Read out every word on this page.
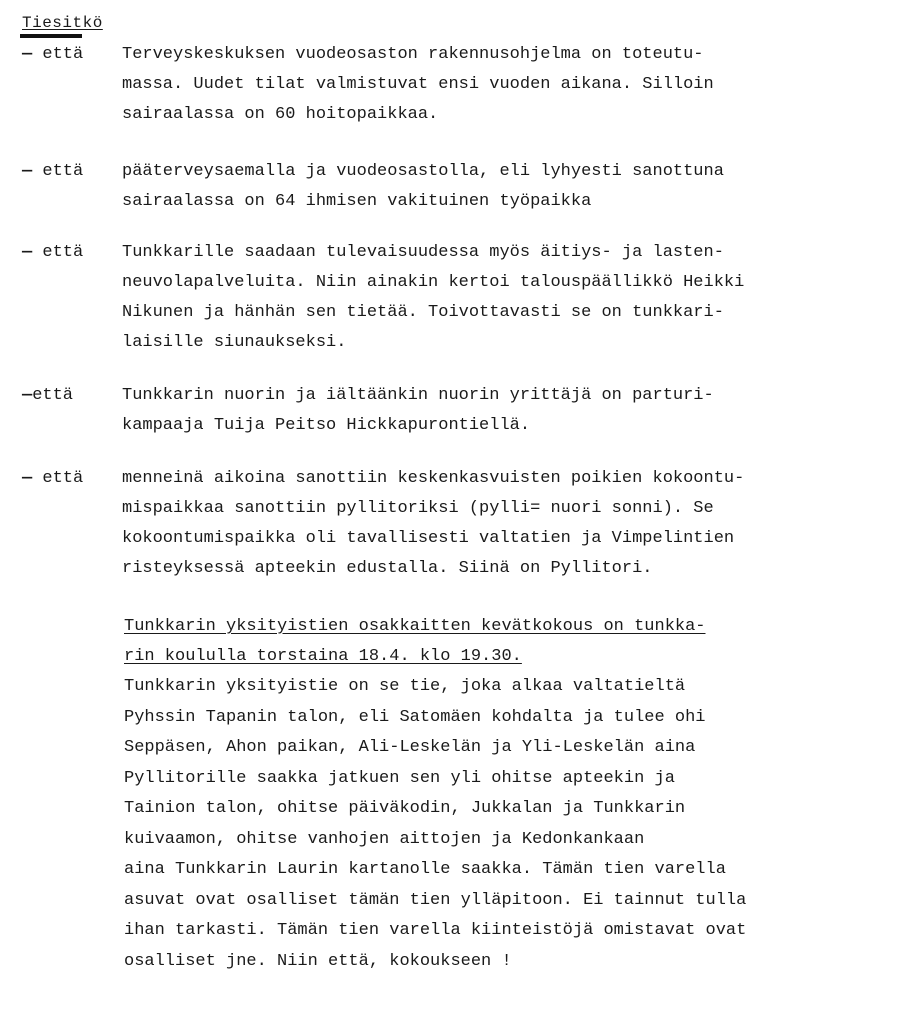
Tiesitkö
— että Terveyskeskuksen vuodeosaston rakennusohjelma on toteutu-
massa. Uudet tilat valmistuvat ensi vuoden aikana. Silloin
sairaalassa on 60 hoitopaikkaa.
— että pääterveysaemalla ja vuodeosastolla, eli lyhyesti sanottuna
sairaalassa on 64 ihmisen vakituinen työpaikka
— että Tunkkarille saadaan tulevaisuudessa myös äitiys- ja lasten-
neuvolapalveluita. Niin ainakin kertoi talouspäällikkö Heikki
Nikunen ja hänhän sen tietää. Toivottavasti se on tunkkari-
laisille siunaukseksi.
—että	Tunkkarin nuorin ja iältäänkin nuorin yrittäjä on parturi-
kampaaja Tuija Peitso Hickkapurontiellä.
— että menneinä aikoina sanottiin keskenkasvuisten poikien kokoontu-
mispaikkaa sanottiin pyllitoriksi (pylli= nuori sonni). Se
kokoontumispaikka oli tavallisesti valtatien ja Vimpelintien
risteyksessä apteekin edustalla. Siinä on Pyllitori.
Tunkkarin yksityistien osakkaitten kevätkokous on tunkka-
rin koululla torstaina 18.4. klo 19.30.
Tunkkarin yksityistie on se tie, joka alkaa valtatieltä
Pyhssin Tapanin talon, eli Satomäen kohdalta ja tulee ohi
Seppäsen, Ahon paikan, Ali-Leskelän ja Yli-Leskelän aina
Pyllitorille saakka jatkuen sen yli ohitse apteekin ja
Tainion talon, ohitse päiväkodin, Jukkalan ja Tunkkarin
kuivaamon, ohitse vanhojen aittojen ja Kedonkankaan
aina Tunkkarin Laurin kartanolle saakka. Tämän tien varella
asuvat ovat osalliset tämän tien ylläpitoon. Ei tainnut tulla
ihan tarkasti. Tämän tien varella kiinteistöjä omistavat ovat
osalliset jne. Niin että, kokoukseen !
